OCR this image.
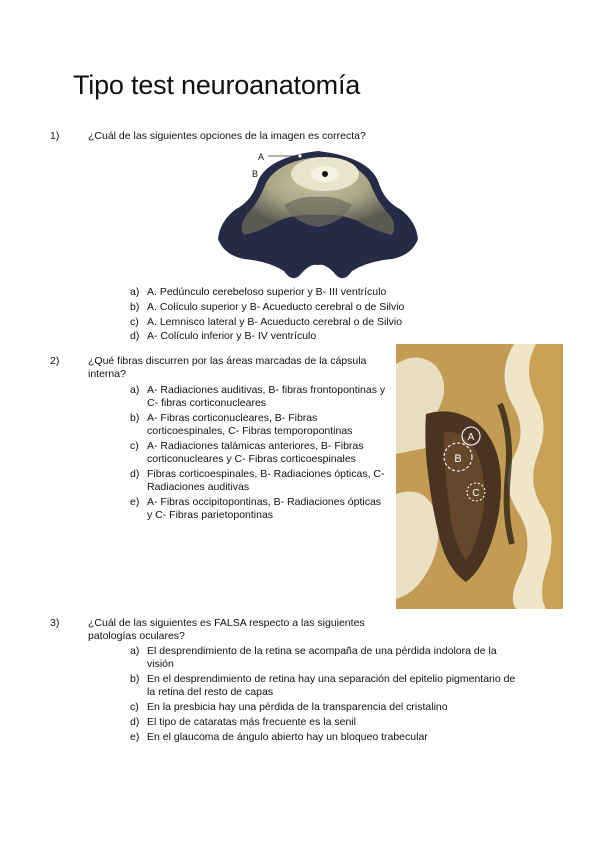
Tipo test neuroanatomía
1)	¿Cuál de las siguientes opciones de la imagen es correcta?
A
B
a) A. Pedúnculo cerebeloso superior y B- III ventrículo
b) A. Colículo superior y B- Acueducto cerebral o de Silvio
c) A. Lemnisco lateral y B- Acueducto cerebral o de Silvio
d) A- Colículo inferior y B- IV ventrículo
2)	¿Qué fibras discurren por las áreas marcadas de la cápsula interna?
a) A- Radiaciones auditivas, B- fibras frontopontinas y C- fibras corticonucleares
b) A- Fibras corticonucleares, B- Fibras corticoespinales, C- Fibras temporopontinas
c) A- Radiaciones talámicas anteriores, B- Fibras corticonucleares y C- Fibras corticoespinales
d) Fibras corticoespinales, B- Radiaciones ópticas, C- Radiaciones auditivas
e) A- Fibras occipitopontinas, B- Radiaciones ópticas y C- Fibras parietopontinas
A
B
C
3)	¿Cuál de las siguientes es FALSA respecto a las siguientes patologías oculares?
a) El desprendimiento de la retina se acompaña de una pérdida indolora de la visión
b) En el desprendimiento de retina hay una separación del epitelio pigmentario de la retina del resto de capas
c) En la presbicia hay una pérdida de la transparencia del cristalino
d) El tipo de cataratas más frecuente es la senil
e) En el glaucoma de ángulo abierto hay un bloqueo trabecular
